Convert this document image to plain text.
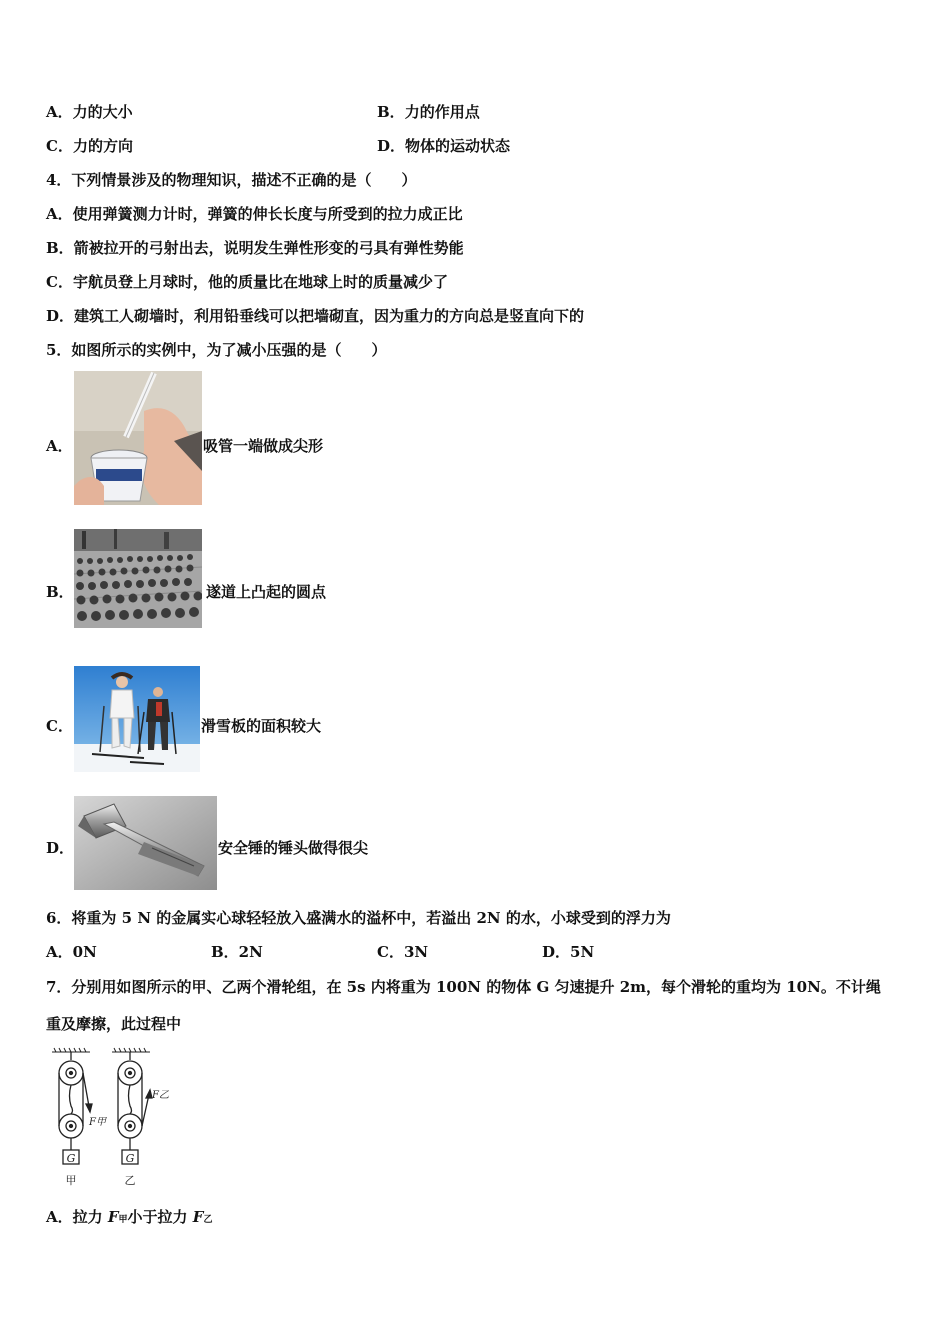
A．力的大小	B．力的作用点
C．力的方向	D．物体的运动状态
4．下列情景涉及的物理知识，描述不正确的是（　　）
A．使用弹簧测力计时，弹簧的伸长长度与所受到的拉力成正比
B．箭被拉开的弓射出去，说明发生弹性形变的弓具有弹性势能
C．宇航员登上月球时，他的质量比在地球上时的质量减少了
D．建筑工人砌墙时，利用铅垂线可以把墙砌直，因为重力的方向总是竖直向下的
5．如图所示的实例中，为了减小压强的是（　　）
A．	吸管一端做成尖形
B．	遂道上凸起的圆点
C．	滑雪板的面积较大
D．	安全锤的锤头做得很尖
6．将重为 5 N 的金属实心球轻轻放入盛满水的溢杯中，若溢出 2N 的水，小球受到的浮力为
A．0N	B．2N	C．3N	D．5N
7．分别用如图所示的甲、乙两个滑轮组，在 5s 内将重为 100N 的物体 G 匀速提升 2m，每个滑轮的重均为 10N。不计绳
重及摩擦，此过程中
G
F甲
甲
G
F乙
乙
A．拉力 F甲小于拉力 F乙
